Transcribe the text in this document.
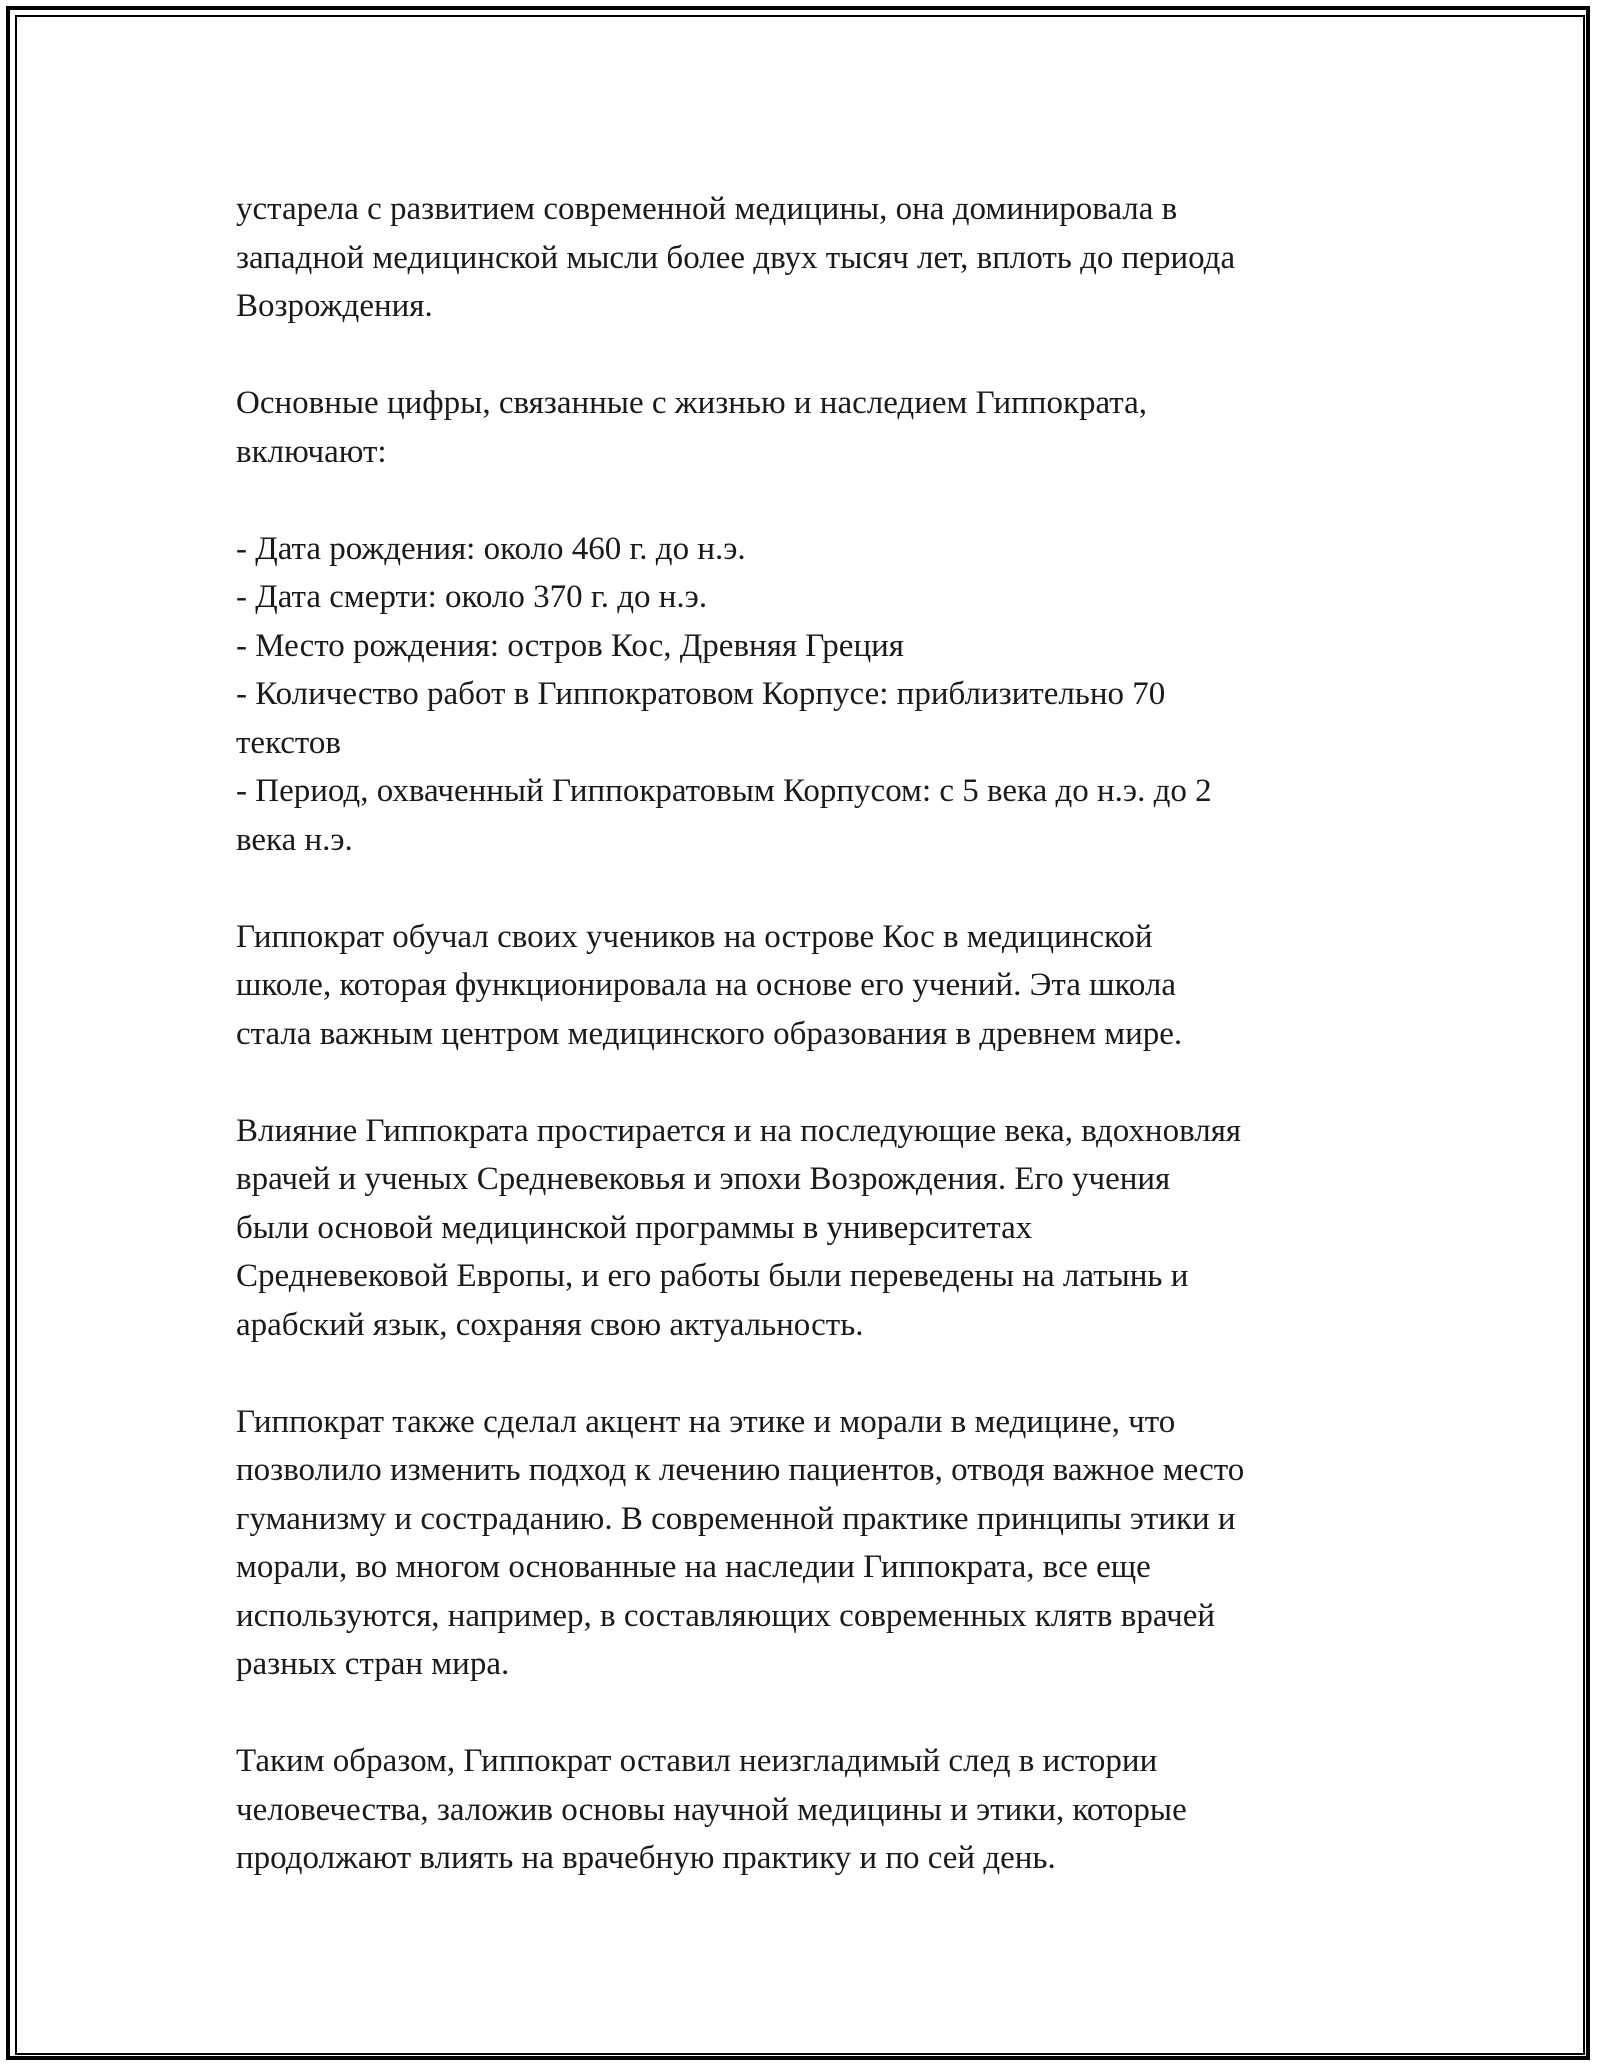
устарела с развитием современной медицины, она доминировала в
западной медицинской мысли более двух тысяч лет, вплоть до периода
Возрождения.

Основные цифры, связанные с жизнью и наследием Гиппократа,
включают:

- Дата рождения: около 460 г. до н.э.
- Дата смерти: около 370 г. до н.э.
- Место рождения: остров Кос, Древняя Греция
- Количество работ в Гиппократовом Корпусе: приблизительно 70
текстов
- Период, охваченный Гиппократовым Корпусом: с 5 века до н.э. до 2
века н.э.

Гиппократ обучал своих учеников на острове Кос в медицинской
школе, которая функционировала на основе его учений. Эта школа
стала важным центром медицинского образования в древнем мире.

Влияние Гиппократа простирается и на последующие века, вдохновляя
врачей и ученых Средневековья и эпохи Возрождения. Его учения
были основой медицинской программы в университетах
Средневековой Европы, и его работы были переведены на латынь и
арабский язык, сохраняя свою актуальность.

Гиппократ также сделал акцент на этике и морали в медицине, что
позволило изменить подход к лечению пациентов, отводя важное место
гуманизму и состраданию. В современной практике принципы этики и
морали, во многом основанные на наследии Гиппократа, все еще
используются, например, в составляющих современных клятв врачей
разных стран мира.

Таким образом, Гиппократ оставил неизгладимый след в истории
человечества, заложив основы научной медицины и этики, которые
продолжают влиять на врачебную практику и по сей день.
